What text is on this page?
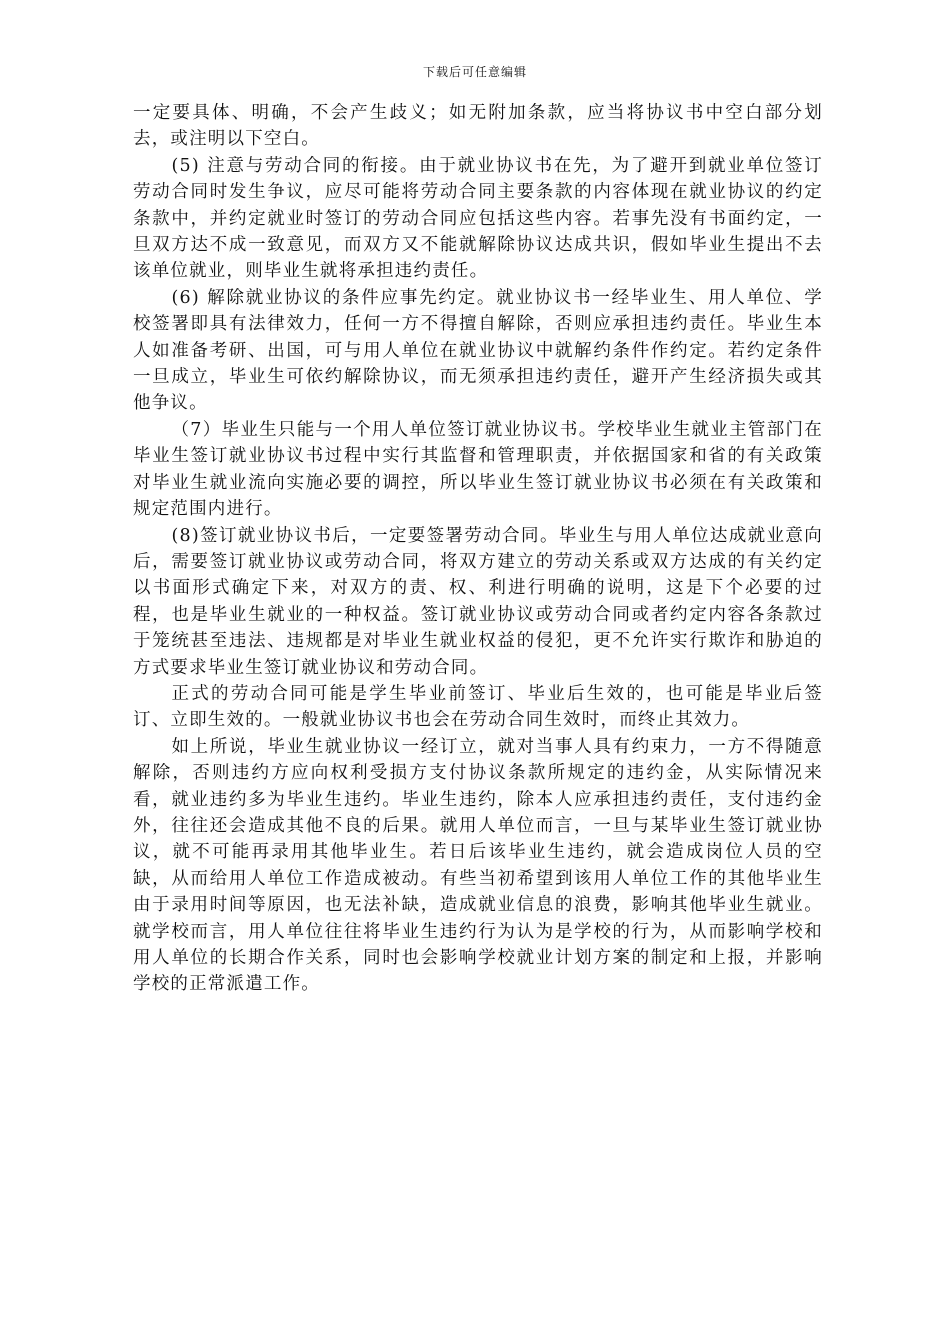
下载后可任意编辑

一定要具体、明确，不会产生歧义；如无附加条款，应当将协议书中空白部分划去，或注明以下空白。

(5) 注意与劳动合同的衔接。由于就业协议书在先，为了避开到就业单位签订劳动合同时发生争议，应尽可能将劳动合同主要条款的内容体现在就业协议的约定条款中，并约定就业时签订的劳动合同应包括这些内容。若事先没有书面约定，一旦双方达不成一致意见，而双方又不能就解除协议达成共识，假如毕业生提出不去该单位就业，则毕业生就将承担违约责任。

(6) 解除就业协议的条件应事先约定。就业协议书一经毕业生、用人单位、学校签署即具有法律效力，任何一方不得擅自解除，否则应承担违约责任。毕业生本人如准备考研、出国，可与用人单位在就业协议中就解约条件作约定。若约定条件一旦成立，毕业生可依约解除协议，而无须承担违约责任，避开产生经济损失或其他争议。

（7）毕业生只能与一个用人单位签订就业协议书。学校毕业生就业主管部门在毕业生签订就业协议书过程中实行其监督和管理职责，并依据国家和省的有关政策对毕业生就业流向实施必要的调控，所以毕业生签订就业协议书必须在有关政策和规定范围内进行。

(8)签订就业协议书后，一定要签署劳动合同。毕业生与用人单位达成就业意向后，需要签订就业协议或劳动合同，将双方建立的劳动关系或双方达成的有关约定以书面形式确定下来，对双方的责、权、利进行明确的说明，这是下个必要的过程，也是毕业生就业的一种权益。签订就业协议或劳动合同或者约定内容各条款过于笼统甚至违法、违规都是对毕业生就业权益的侵犯，更不允许实行欺诈和胁迫的方式要求毕业生签订就业协议和劳动合同。

正式的劳动合同可能是学生毕业前签订、毕业后生效的，也可能是毕业后签订、立即生效的。一般就业协议书也会在劳动合同生效时，而终止其效力。

如上所说，毕业生就业协议一经订立，就对当事人具有约束力，一方不得随意解除，否则违约方应向权利受损方支付协议条款所规定的违约金，从实际情况来看，就业违约多为毕业生违约。毕业生违约，除本人应承担违约责任，支付违约金外，往往还会造成其他不良的后果。就用人单位而言，一旦与某毕业生签订就业协议，就不可能再录用其他毕业生。若日后该毕业生违约，就会造成岗位人员的空缺，从而给用人单位工作造成被动。有些当初希望到该用人单位工作的其他毕业生由于录用时间等原因，也无法补缺，造成就业信息的浪费，影响其他毕业生就业。就学校而言，用人单位往往将毕业生违约行为认为是学校的行为，从而影响学校和用人单位的长期合作关系，同时也会影响学校就业计划方案的制定和上报，并影响学校的正常派遣工作。
